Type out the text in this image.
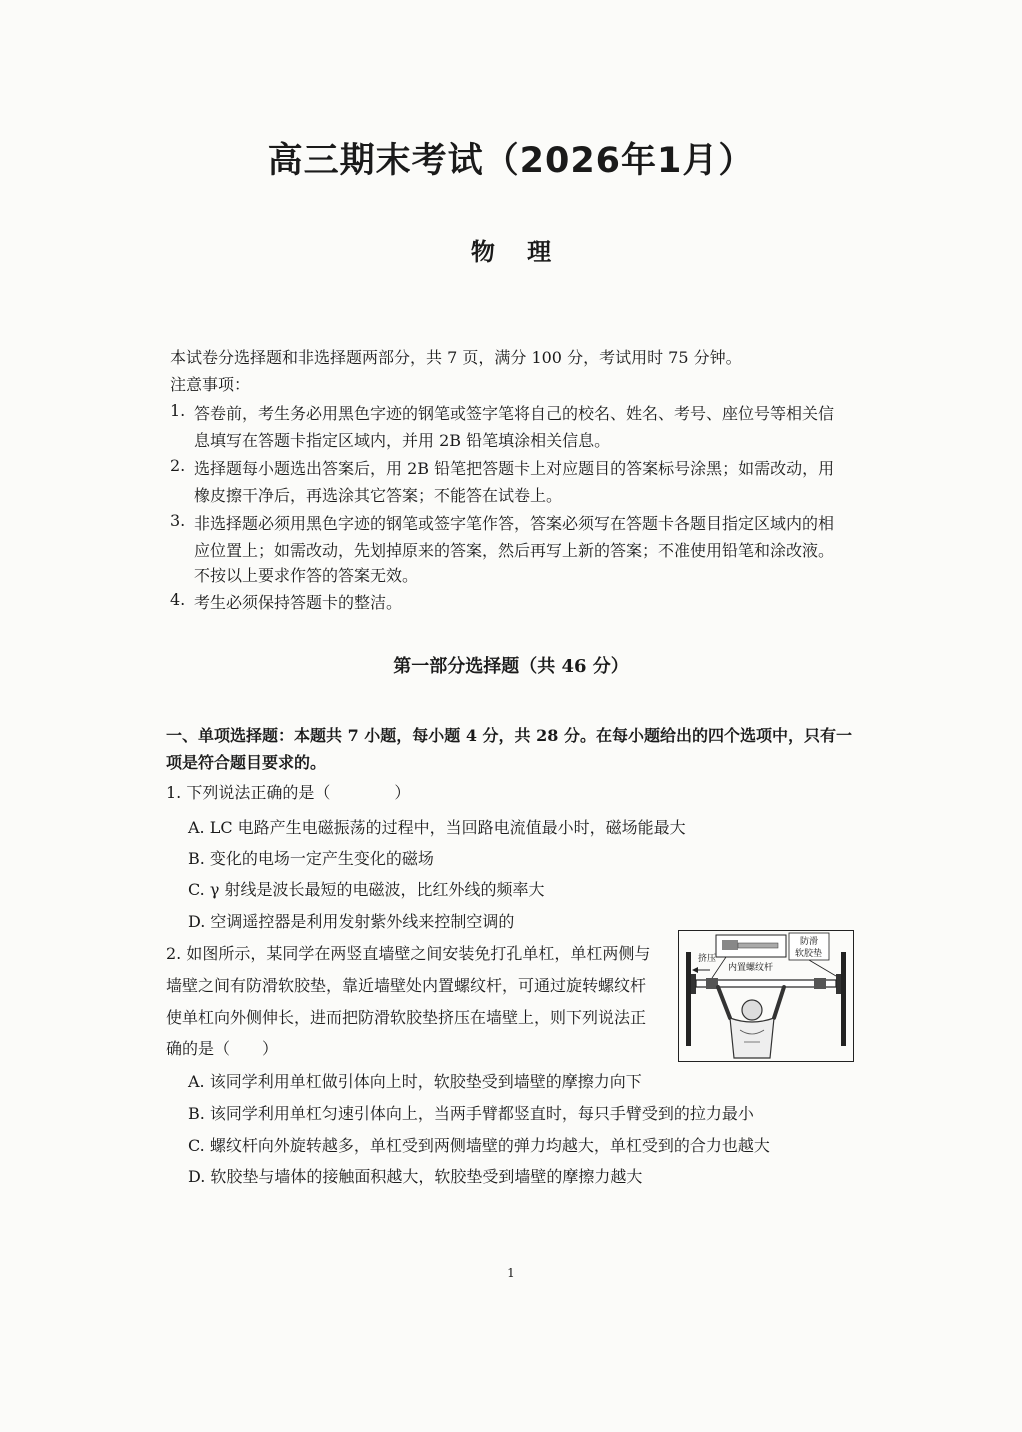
高三期末考试（2026年1月）
物 理
本试卷分选择题和非选择题两部分，共 7 页，满分 100 分，考试用时 75 分钟。
注意事项：
1. 答卷前，考生务必用黑色字迹的钢笔或签字笔将自己的校名、姓名、考号、座位号等相关信
息填写在答题卡指定区域内，并用 2B 铅笔填涂相关信息。
2. 选择题每小题选出答案后，用 2B 铅笔把答题卡上对应题目的答案标号涂黑；如需改动，用
橡皮擦干净后，再选涂其它答案；不能答在试卷上。
3. 非选择题必须用黑色字迹的钢笔或签字笔作答，答案必须写在答题卡各题目指定区域内的相
应位置上；如需改动，先划掉原来的答案，然后再写上新的答案；不准使用铅笔和涂改液。
不按以上要求作答的答案无效。
4. 考生必须保持答题卡的整洁。
第一部分选择题（共 46 分）
一、单项选择题：本题共 7 小题，每小题 4 分，共 28 分。在每小题给出的四个选项中，只有一
项是符合题目要求的。
1. 下列说法正确的是（　　　　）
A. LC 电路产生电磁振荡的过程中，当回路电流值最小时，磁场能最大
B. 变化的电场一定产生变化的磁场
C. γ 射线是波长最短的电磁波，比红外线的频率大
D. 空调遥控器是利用发射紫外线来控制空调的
2. 如图所示，某同学在两竖直墙壁之间安装免打孔单杠，单杠两侧与
墙壁之间有防滑软胶垫，靠近墙壁处内置螺纹杆，可通过旋转螺纹杆
使单杠向外侧伸长，进而把防滑软胶垫挤压在墙壁上，则下列说法正
确的是（　　）
A. 该同学利用单杠做引体向上时，软胶垫受到墙壁的摩擦力向下
B. 该同学利用单杠匀速引体向上，当两手臂都竖直时，每只手臂受到的拉力最小
C. 螺纹杆向外旋转越多，单杠受到两侧墙壁的弹力均越大，单杠受到的合力也越大
D. 软胶垫与墙体的接触面积越大，软胶垫受到墙壁的摩擦力越大
挤压
防滑
软胶垫
内置螺纹杆
1
